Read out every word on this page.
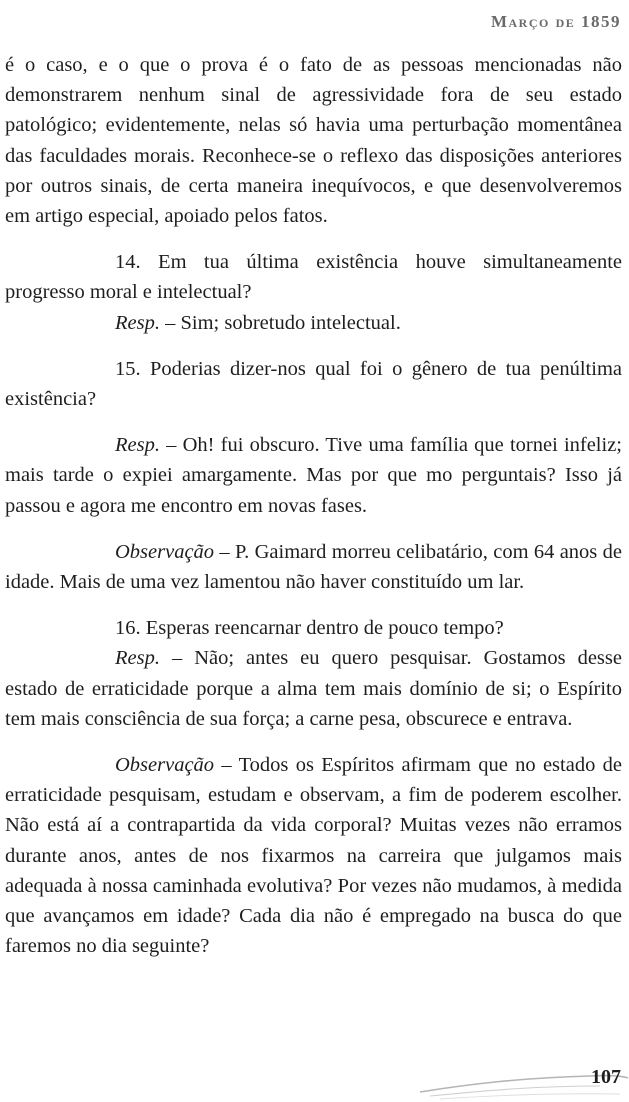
Março de 1859

é o caso, e o que o prova é o fato de as pessoas mencionadas não demonstrarem nenhum sinal de agressividade fora de seu estado patológico; evidentemente, nelas só havia uma perturbação momentânea das faculdades morais. Reconhece-se o reflexo das disposições anteriores por outros sinais, de certa maneira inequívocos, e que desenvolveremos em artigo especial, apoiado pelos fatos.

14. Em tua última existência houve simultaneamente progresso moral e intelectual?

Resp. – Sim; sobretudo intelectual.

15. Poderias dizer-nos qual foi o gênero de tua penúltima existência?

Resp. – Oh! fui obscuro. Tive uma família que tornei infeliz; mais tarde o expiei amargamente. Mas por que mo perguntais? Isso já passou e agora me encontro em novas fases.

Observação – P. Gaimard morreu celibatário, com 64 anos de idade. Mais de uma vez lamentou não haver constituído um lar.

16. Esperas reencarnar dentro de pouco tempo?

Resp. – Não; antes eu quero pesquisar. Gostamos desse estado de erraticidade porque a alma tem mais domínio de si; o Espírito tem mais consciência de sua força; a carne pesa, obscurece e entrava.

Observação – Todos os Espíritos afirmam que no estado de erraticidade pesquisam, estudam e observam, a fim de poderem escolher. Não está aí a contrapartida da vida corporal? Muitas vezes não erramos durante anos, antes de nos fixarmos na carreira que julgamos mais adequada à nossa caminhada evolutiva? Por vezes não mudamos, à medida que avançamos em idade? Cada dia não é empregado na busca do que faremos no dia seguinte?

107
